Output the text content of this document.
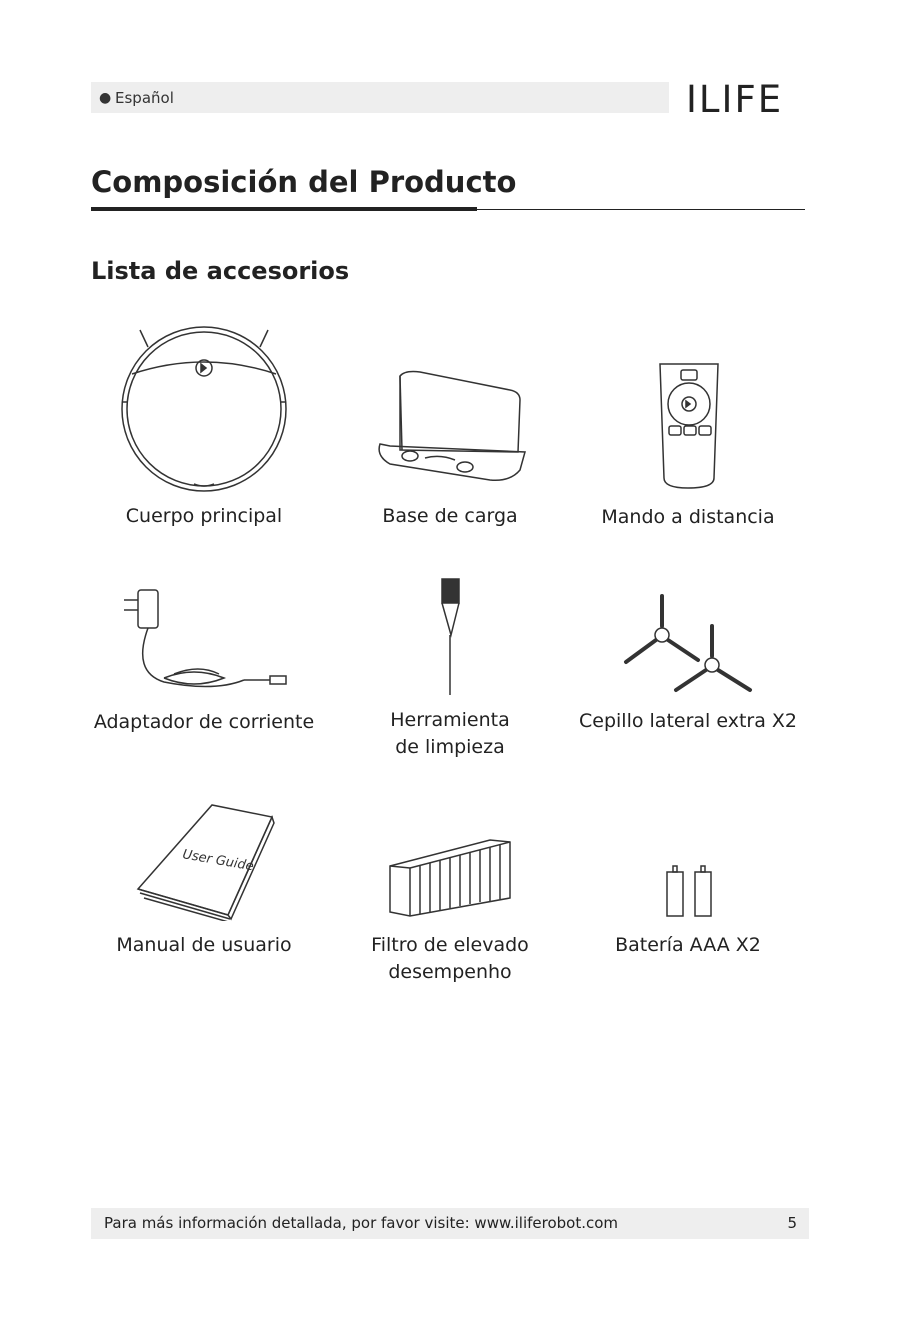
● Español	ILIFE
Composición del Producto
Lista de accesorios
Cuerpo principal	Base de carga	Mando a distancia
Adaptador de corriente	Herramienta
de limpieza
Cepillo lateral extra X2
User Guide
Manual de usuario	Filtro de elevado
desempenho
Batería AAA X2
Para más información detallada, por favor visite: www.iliferobot.com	5
